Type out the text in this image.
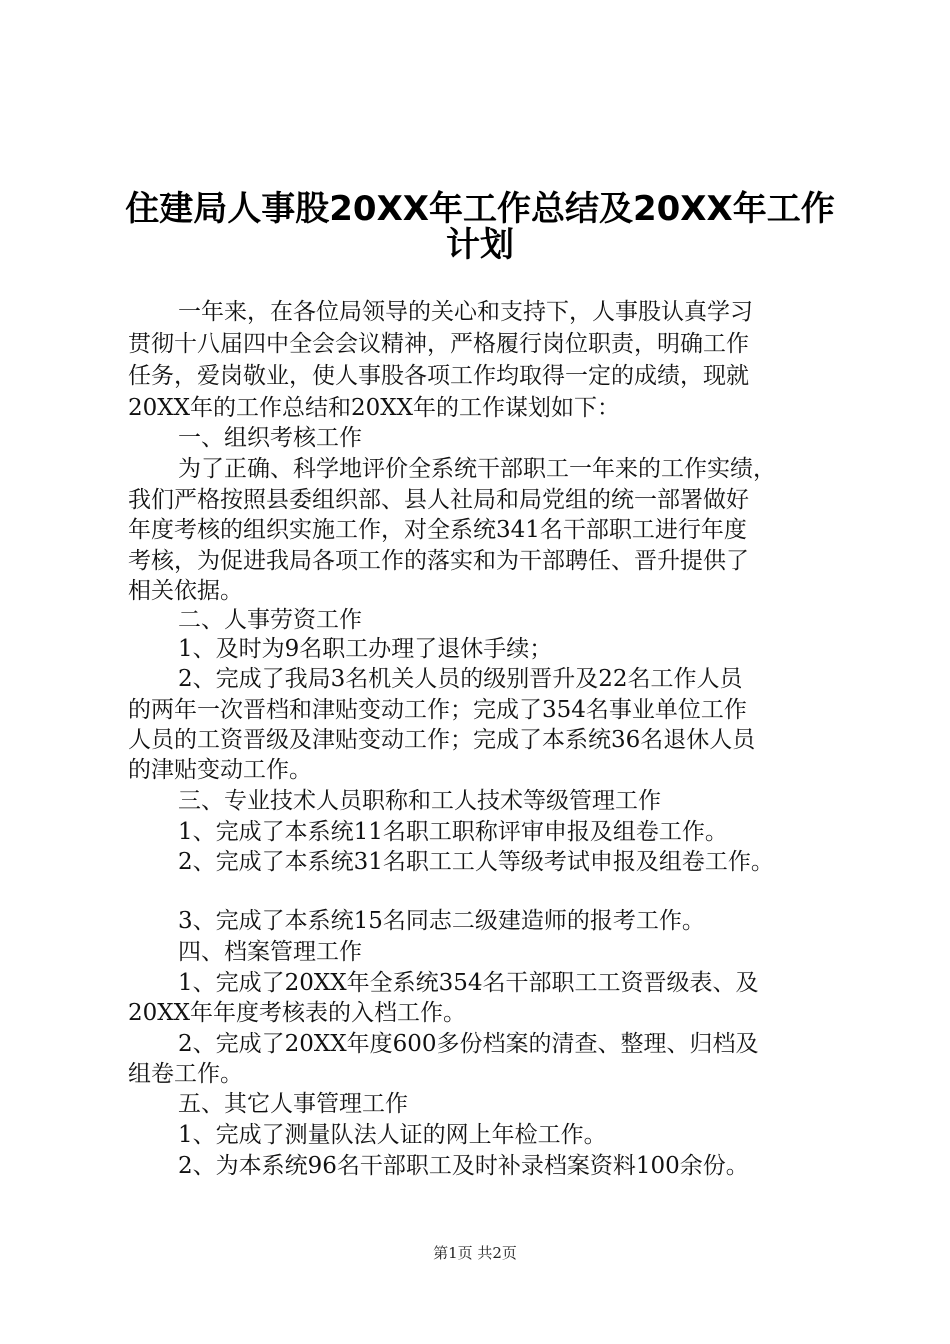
住建局人事股20XX年工作总结及20XX年工作
计划
一年来，在各位局领导的关心和支持下，人事股认真学习
贯彻十八届四中全会会议精神，严格履行岗位职责，明确工作
任务，爱岗敬业，使人事股各项工作均取得一定的成绩，现就
20XX年的工作总结和20XX年的工作谋划如下：
一、组织考核工作
为了正确、科学地评价全系统干部职工一年来的工作实绩，
我们严格按照县委组织部、县人社局和局党组的统一部署做好
年度考核的组织实施工作，对全系统341名干部职工进行年度
考核，为促进我局各项工作的落实和为干部聘任、晋升提供了
相关依据。
二、人事劳资工作
1、及时为9名职工办理了退休手续；
2、完成了我局3名机关人员的级别晋升及22名工作人员
的两年一次晋档和津贴变动工作；完成了354名事业单位工作
人员的工资晋级及津贴变动工作；完成了本系统36名退休人员
的津贴变动工作。
三、专业技术人员职称和工人技术等级管理工作
1、完成了本系统11名职工职称评审申报及组卷工作。
2、完成了本系统31名职工工人等级考试申报及组卷工作。
3、完成了本系统15名同志二级建造师的报考工作。
四、档案管理工作
1、完成了20XX年全系统354名干部职工工资晋级表、及
20XX年年度考核表的入档工作。
2、完成了20XX年度600多份档案的清查、整理、归档及
组卷工作。
五、其它人事管理工作
1、完成了测量队法人证的网上年检工作。
2、为本系统96名干部职工及时补录档案资料100余份。
第1页 共2页
